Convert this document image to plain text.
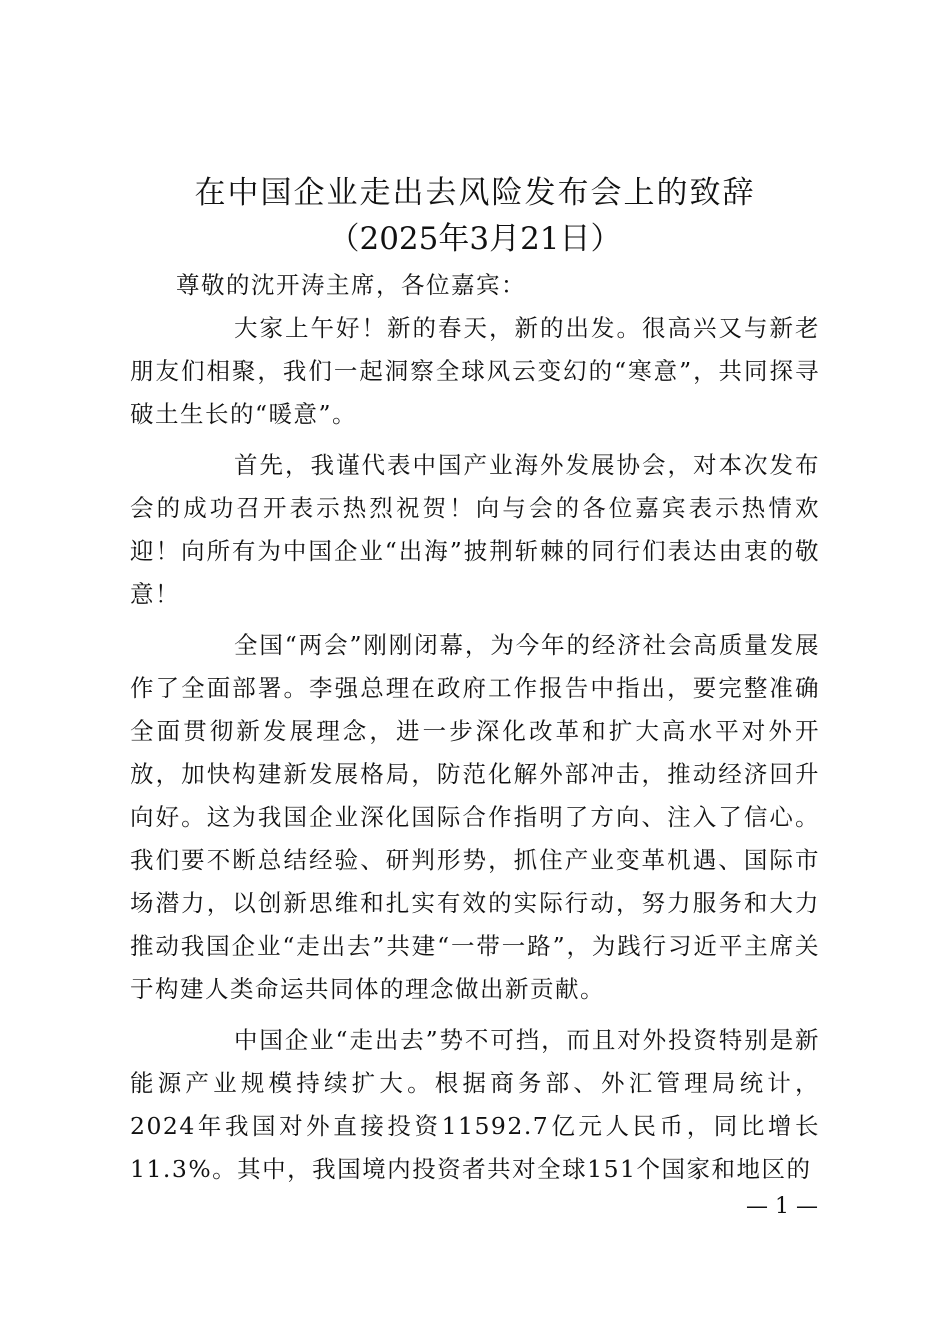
在中国企业走出去风险发布会上的致辞
（2025年3月21日）

尊敬的沈开涛主席，各位嘉宾：

大家上午好！新的春天，新的出发。很高兴又与新老朋友们相聚，我们一起洞察全球风云变幻的“寒意”，共同探寻破土生长的“暖意”。

首先，我谨代表中国产业海外发展协会，对本次发布会的成功召开表示热烈祝贺！向与会的各位嘉宾表示热情欢迎！向所有为中国企业“出海”披荆斩棘的同行们表达由衷的敬意！

全国“两会”刚刚闭幕，为今年的经济社会高质量发展作了全面部署。李强总理在政府工作报告中指出，要完整准确全面贯彻新发展理念，进一步深化改革和扩大高水平对外开放，加快构建新发展格局，防范化解外部冲击，推动经济回升向好。这为我国企业深化国际合作指明了方向、注入了信心。我们要不断总结经验、研判形势，抓住产业变革机遇、国际市场潜力，以创新思维和扎实有效的实际行动，努力服务和大力推动我国企业“走出去”共建“一带一路”，为践行习近平主席关于构建人类命运共同体的理念做出新贡献。

中国企业“走出去”势不可挡，而且对外投资特别是新能源产业规模持续扩大。根据商务部、外汇管理局统计，2024年我国对外直接投资11592.7亿元人民币，同比增长11.3%。其中，我国境内投资者共对全球151个国家和地区的

— 1 —
